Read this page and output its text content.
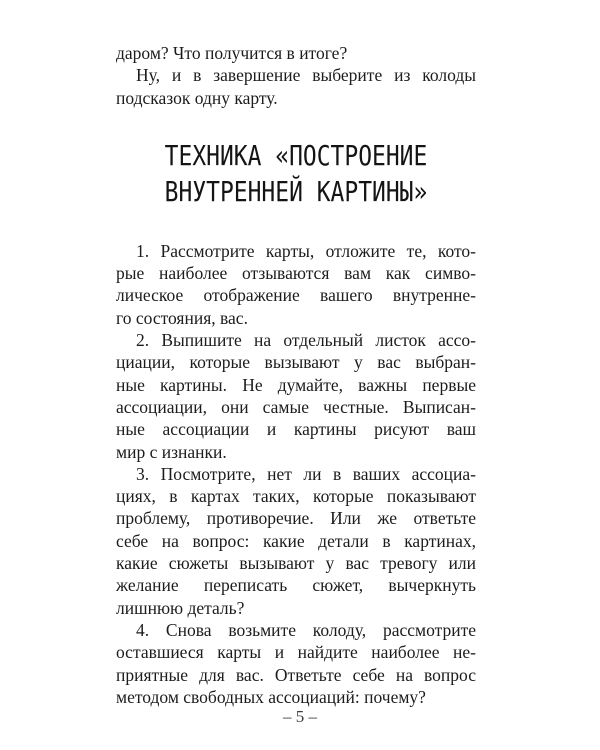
даром? Что получится в итоге?
Ну, и в завершение выберите из колоды
подсказок одну карту.
ТЕХНИКА «ПОСТРОЕНИЕ
ВНУТРЕННЕЙ КАРТИНЫ»
1. Рассмотрите карты, отложите те, кото-
рые наиболее отзываются вам как симво-
лическое отображение вашего внутренне-
го состояния, вас.
2. Выпишите на отдельный листок ассо-
циации, которые вызывают у вас выбран-
ные картины. Не думайте, важны первые
ассоциации, они самые честные. Выписан-
ные ассоциации и картины рисуют ваш
мир с изнанки.
3. Посмотрите, нет ли в ваших ассоциа-
циях, в картах таких, которые показывают
проблему, противоречие. Или же ответьте
себе на вопрос: какие детали в картинах,
какие сюжеты вызывают у вас тревогу или
желание переписать сюжет, вычеркнуть
лишнюю деталь?
4. Снова возьмите колоду, рассмотрите
оставшиеся карты и найдите наиболее не-
приятные для вас. Ответьте себе на вопрос
методом свободных ассоциаций: почему?
– 5 –
